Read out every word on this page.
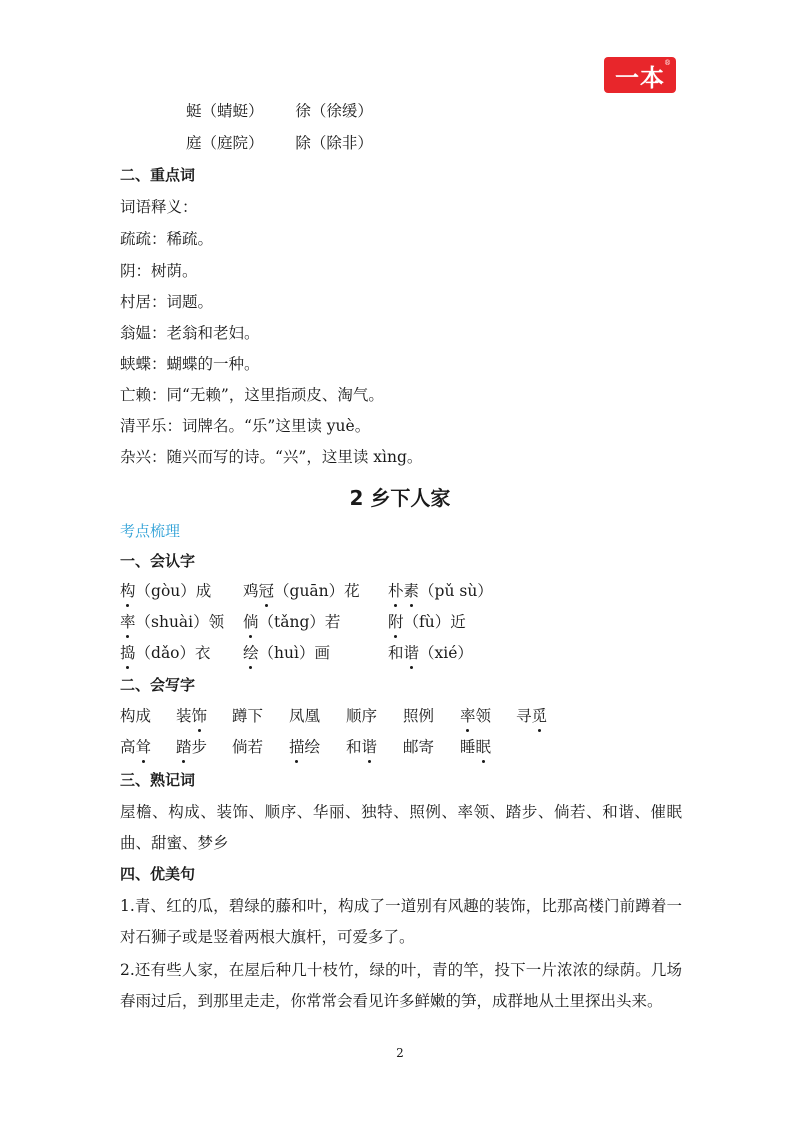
一本 ®
蜓（蜻蜓） 徐（徐缓）
庭（庭院） 除（除非）
二、重点词
词语释义：
疏疏：稀疏。
阴：树荫。
村居：词题。
翁媪：老翁和老妇。
蛱蝶：蝴蝶的一种。
亡赖：同“无赖”，这里指顽皮、淘气。
清平乐：词牌名。“乐”这里读 yuè。
杂兴：随兴而写的诗。“兴”，这里读 xìng。
2 乡下人家
考点梳理
一、会认字
构（gòu）成 鸡冠（guān）花 朴素（pǔ sù）
率（shuài）领 倘（tǎng）若	附（fù）近
捣（dǎo）衣 绘（huì）画	和谐（xié）
二、会写字
构成 装饰 蹲下 凤凰 顺序 照例 率领 寻觅
高耸 踏步 倘若 描绘 和谐 邮寄 睡眠
三、熟记词
屋檐、构成、装饰、顺序、华丽、独特、照例、率领、踏步、倘若、和谐、催眠曲、甜蜜、梦乡
四、优美句
1.青、红的瓜，碧绿的藤和叶，构成了一道别有风趣的装饰，比那高楼门前蹲着一对石狮子或是竖着两根大旗杆，可爱多了。
2.还有些人家，在屋后种几十枝竹，绿的叶，青的竿，投下一片浓浓的绿荫。几场春雨过后，到那里走走，你常常会看见许多鲜嫩的笋，成群地从土里探出头来。
2
